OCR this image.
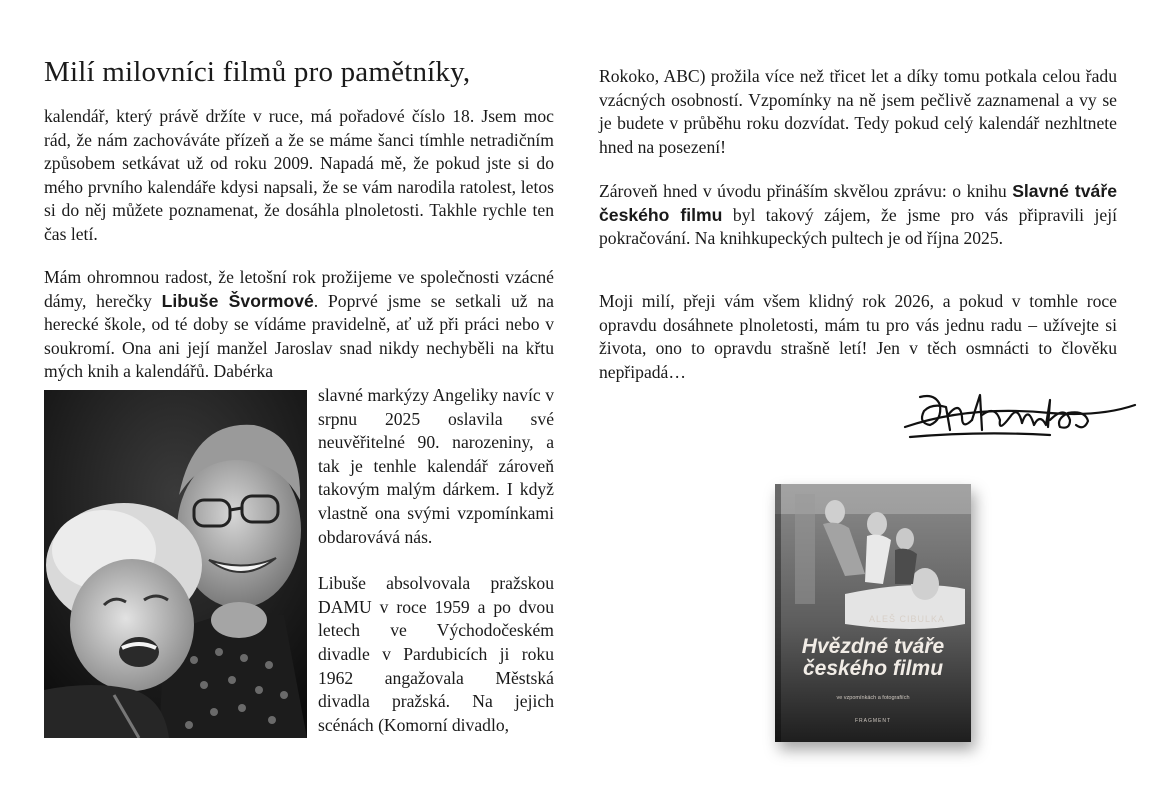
Milí milovníci filmů pro pamětníky,
kalendář, který právě držíte v ruce, má pořadové číslo 18. Jsem moc rád, že nám zachováváte přízeň a že se máme šanci tímhle netradičním způsobem setkávat už od roku 2009. Napadá mě, že pokud jste si do mého prvního kalendáře kdysi napsali, že se vám narodila ratolest, letos si do něj můžete poznamenat, že dosáhla plnoletosti. Takhle rychle ten čas letí.
Mám ohromnou radost, že letošní rok prožijeme ve společnosti vzácné dámy, herečky Libuše Švormové. Poprvé jsme se setkali už na herecké škole, od té doby se vídáme pravidelně, ať už při práci nebo v soukromí. Ona ani její manžel Jaroslav snad nikdy nechyběli na křtu mých knih a kalendářů. Dabérka
slavné markýzy Angeliky navíc v srpnu 2025 oslavila své neuvěřitelné 90. narozeniny, a tak je tenhle kalendář zároveň takovým malým dárkem. I když vlastně ona svými vzpomínkami obdarovává nás.
Libuše absolvovala pražskou DAMU v roce 1959 a po dvou letech ve Východočeském divadle v Pardubicích ji roku 1962 angažovala Městská divadla pražská. Na jejich scénách (Komorní divadlo,
Rokoko, ABC) prožila více než třicet let a díky tomu potkala celou řadu vzácných osobností. Vzpomínky na ně jsem pečlivě zaznamenal a vy se je budete v průběhu roku dozvídat. Tedy pokud celý kalendář nezhltnete hned na posezení!
Zároveň hned v úvodu přináším skvělou zprávu: o knihu Slavné tváře českého filmu byl takový zájem, že jsme pro vás připravili její pokračování. Na knihkupeckých pultech je od října 2025.
Moji milí, přeji vám všem klidný rok 2026, a pokud v tomhle roce opravdu dosáhnete plnoletosti, mám tu pro vás jednu radu – užívejte si života, ono to opravdu strašně letí! Jen v těch osmnácti to člověku nepřipadá…
ALEŠ CIBULKA
Hvězdné tváře
českého filmu
ve vzpomínkách a fotografiích
FRAGMENT
